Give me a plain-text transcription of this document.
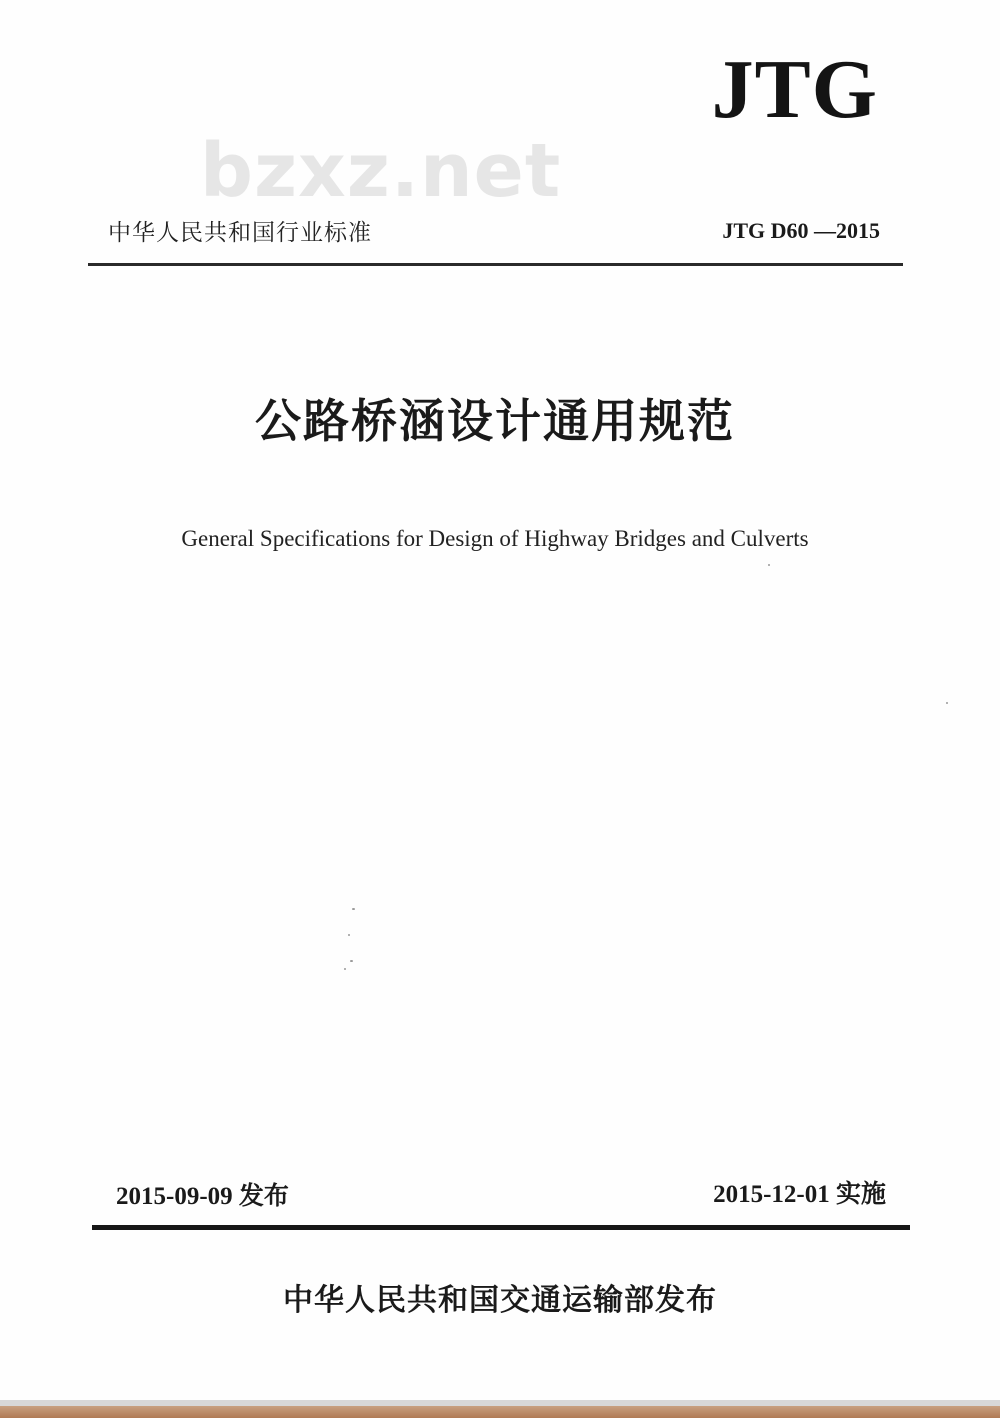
JTG
bzxz.net
中华人民共和国行业标准	JTG D60 —2015
公路桥涵设计通用规范
General Specifications for Design of Highway Bridges and Culverts
2015-09-09 发布	2015-12-01 实施
中华人民共和国交通运输部发布
